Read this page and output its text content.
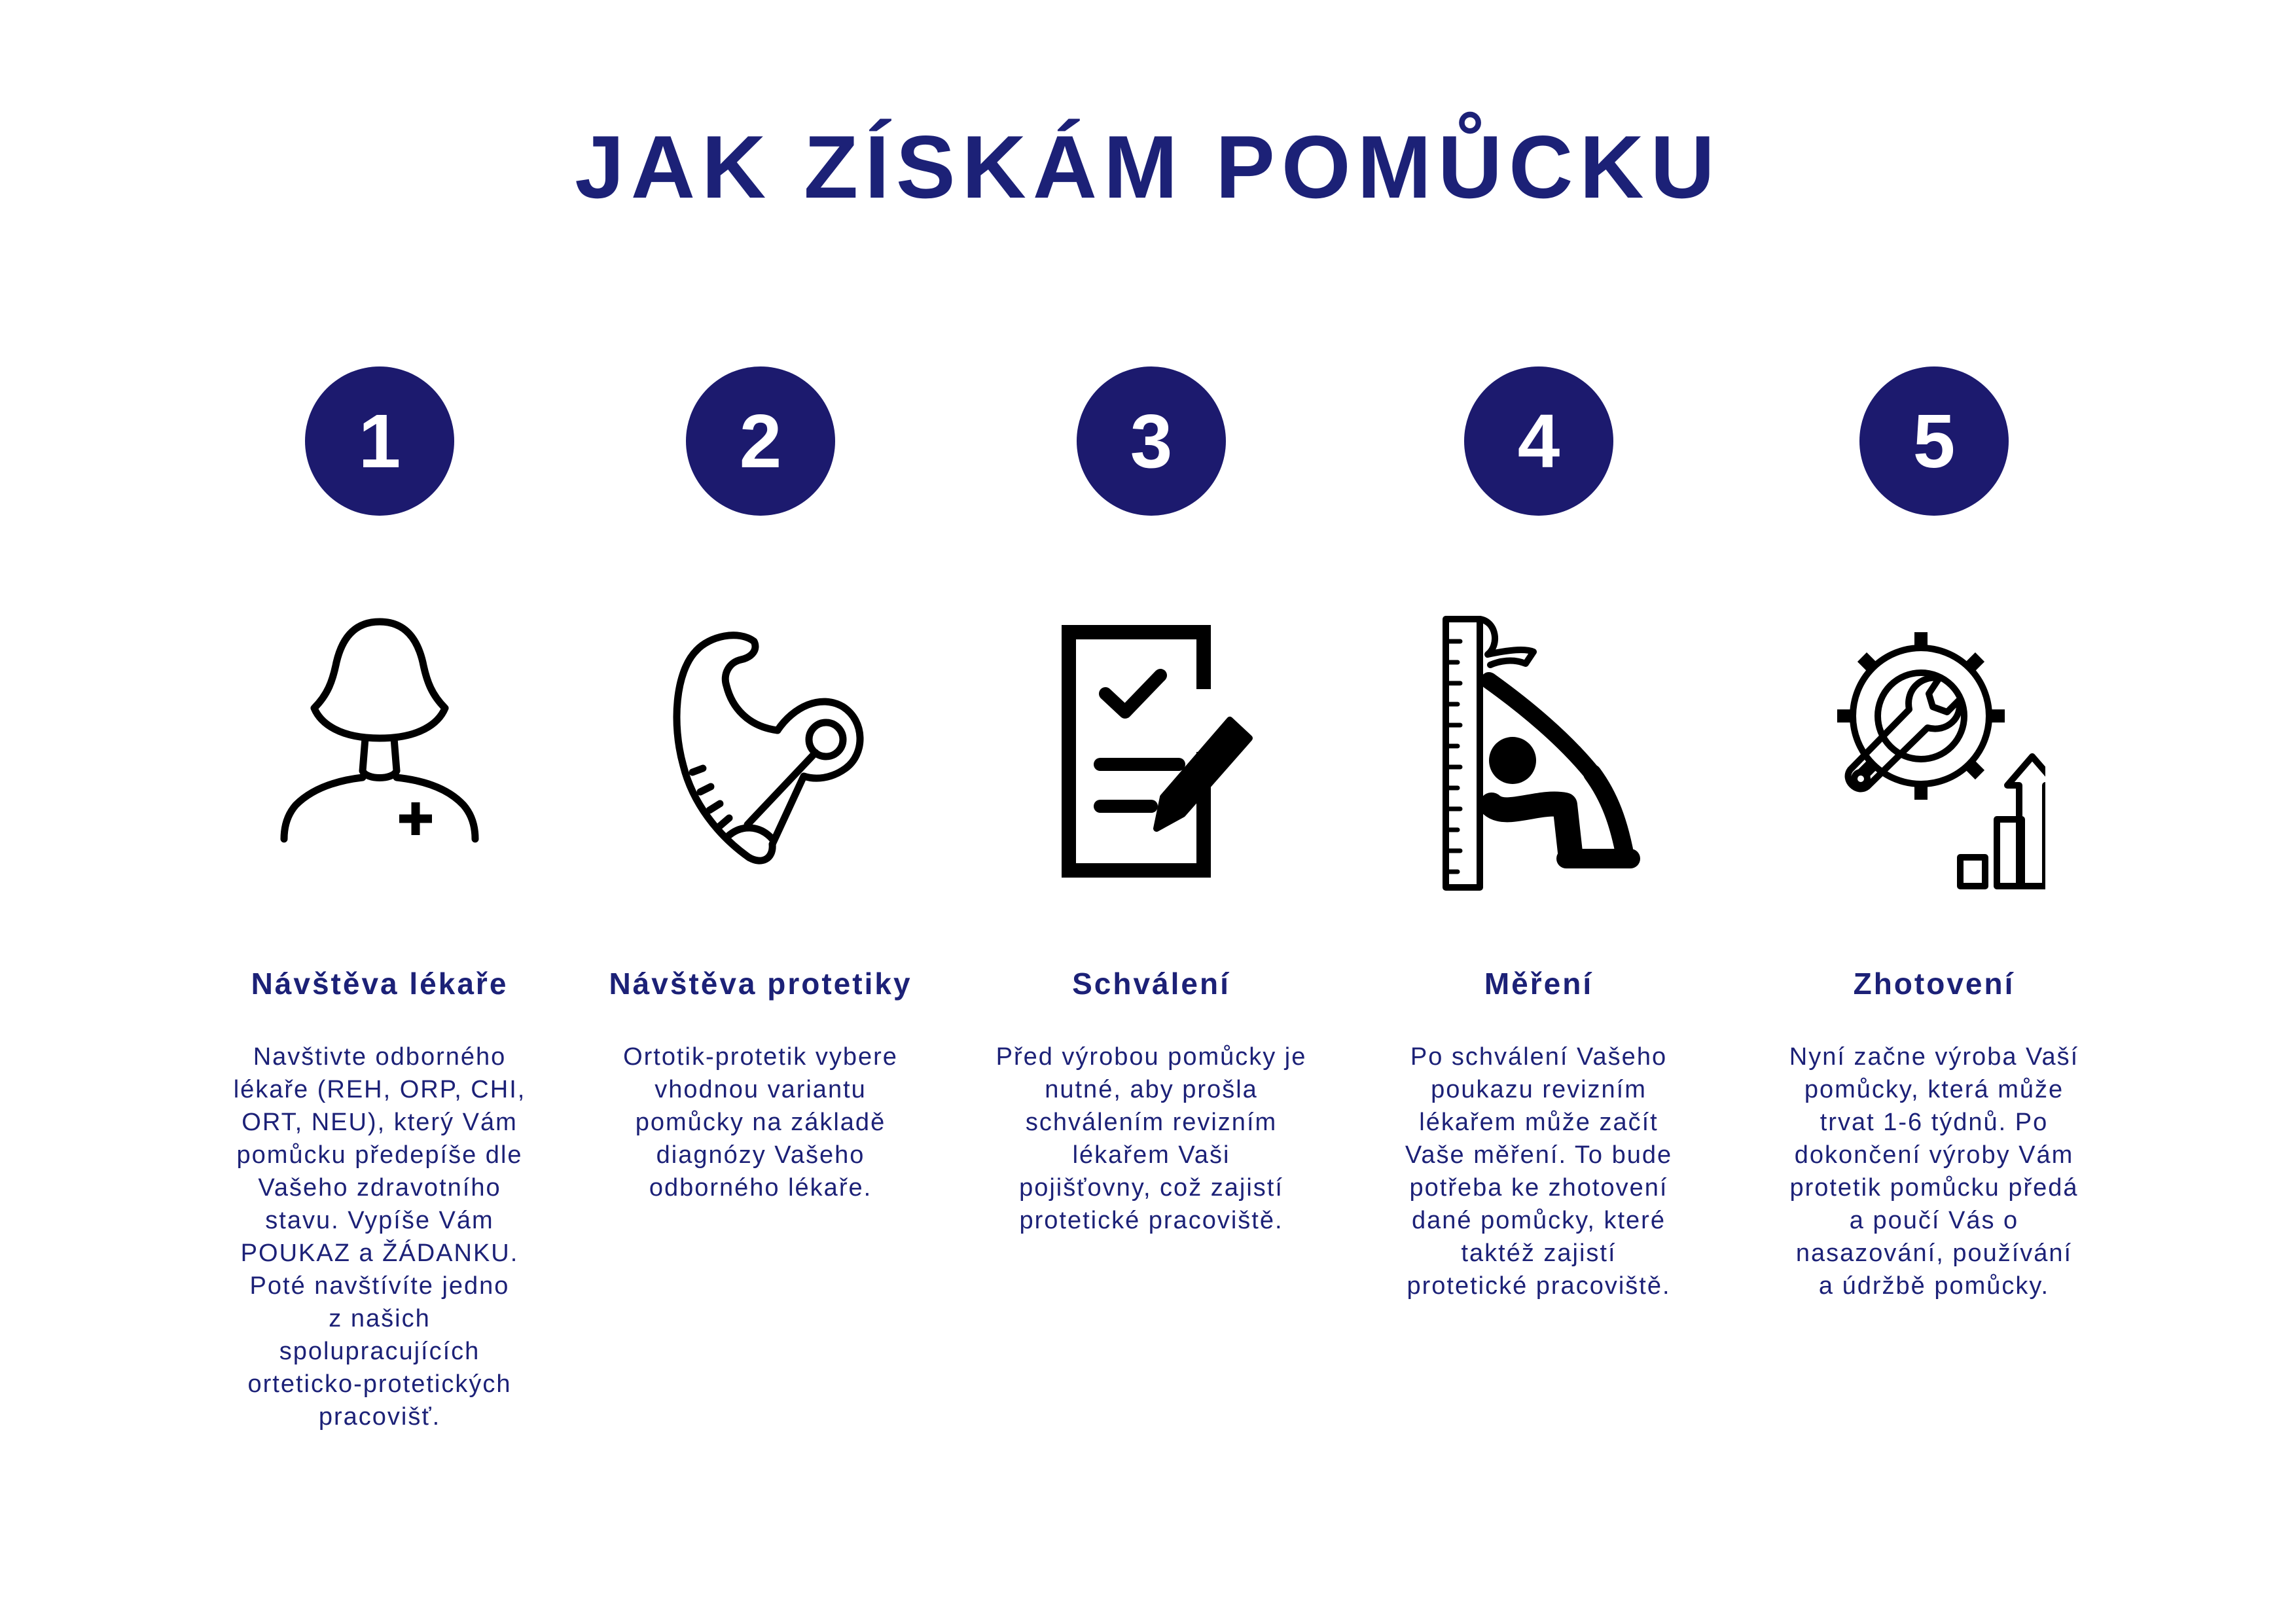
JAK ZÍSKÁM POMŮCKU
1
Návštěva lékaře

Navštivte odborného
lékaře (REH, ORP, CHI,
ORT, NEU), který Vám
pomůcku předepíše dle
Vašeho zdravotního
stavu. Vypíše Vám
POUKAZ a ŽÁDANKU.
Poté navštívíte jedno
z našich
spolupracujících
orteticko-protetických
pracovišť.

2
Návštěva protetiky

Ortotik-protetik vybere
vhodnou variantu
pomůcky na základě
diagnózy Vašeho
odborného lékaře.

3
Schválení

Před výrobou pomůcky je
nutné, aby prošla
schválením revizním
lékařem Vaši
pojišťovny, což zajistí
protetické pracoviště.

4
Měření

Po schválení Vašeho
poukazu revizním
lékařem může začít
Vaše měření. To bude
potřeba ke zhotovení
dané pomůcky, které
taktéž zajistí
protetické pracoviště.

5
Zhotovení

Nyní začne výroba Vaší
pomůcky, která může
trvat 1-6 týdnů. Po
dokončení výroby Vám
protetik pomůcku předá
a poučí Vás o
nasazování, používání
a údržbě pomůcky.
